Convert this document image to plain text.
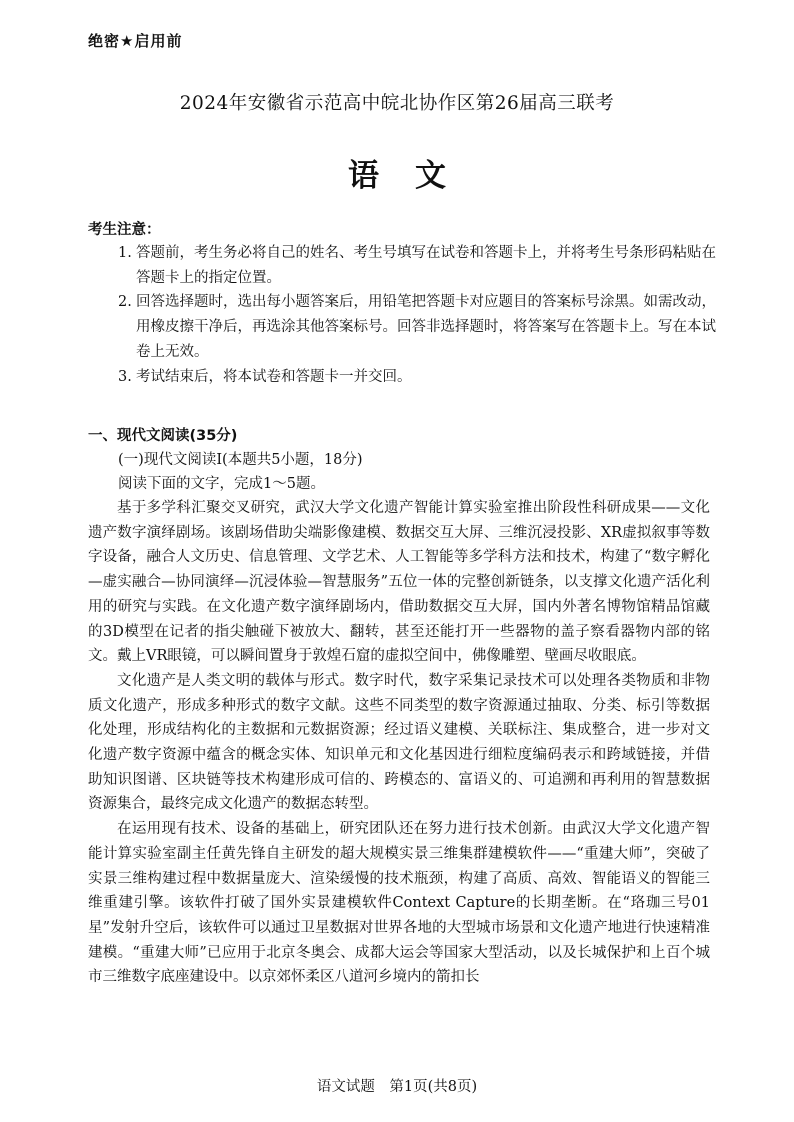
绝密★启用前
2024年安徽省示范高中皖北协作区第26届高三联考
语文
考生注意：
1. 答题前，考生务必将自己的姓名、考生号填写在试卷和答题卡上，并将考生号条形码粘贴在答题卡上的指定位置。
2. 回答选择题时，选出每小题答案后，用铅笔把答题卡对应题目的答案标号涂黑。如需改动，用橡皮擦干净后，再选涂其他答案标号。回答非选择题时，将答案写在答题卡上。写在本试卷上无效。
3. 考试结束后，将本试卷和答题卡一并交回。
一、现代文阅读(35分)
(一)现代文阅读Ⅰ(本题共5小题，18分)
阅读下面的文字，完成1～5题。

基于多学科汇聚交叉研究，武汉大学文化遗产智能计算实验室推出阶段性科研成果——文化遗产数字演绎剧场。该剧场借助尖端影像建模、数据交互大屏、三维沉浸投影、XR虚拟叙事等数字设备，融合人文历史、信息管理、文学艺术、人工智能等多学科方法和技术，构建了“数字孵化—虚实融合—协同演绎—沉浸体验—智慧服务”五位一体的完整创新链条，以支撑文化遗产活化利用的研究与实践。在文化遗产数字演绎剧场内，借助数据交互大屏，国内外著名博物馆精品馆藏的3D模型在记者的指尖触碰下被放大、翻转，甚至还能打开一些器物的盖子察看器物内部的铭文。戴上VR眼镜，可以瞬间置身于敦煌石窟的虚拟空间中，佛像雕塑、壁画尽收眼底。

文化遗产是人类文明的载体与形式。数字时代，数字采集记录技术可以处理各类物质和非物质文化遗产，形成多种形式的数字文献。这些不同类型的数字资源通过抽取、分类、标引等数据化处理，形成结构化的主数据和元数据资源；经过语义建模、关联标注、集成整合，进一步对文化遗产数字资源中蕴含的概念实体、知识单元和文化基因进行细粒度编码表示和跨域链接，并借助知识图谱、区块链等技术构建形成可信的、跨模态的、富语义的、可追溯和再利用的智慧数据资源集合，最终完成文化遗产的数据态转型。

在运用现有技术、设备的基础上，研究团队还在努力进行技术创新。由武汉大学文化遗产智能计算实验室副主任黄先锋自主研发的超大规模实景三维集群建模软件——“重建大师”，突破了实景三维构建过程中数据量庞大、渲染缓慢的技术瓶颈，构建了高质、高效、智能语义的智能三维重建引擎。该软件打破了国外实景建模软件Context Capture的长期垄断。在“珞珈三号01星”发射升空后，该软件可以通过卫星数据对世界各地的大型城市场景和文化遗产地进行快速精准建模。“重建大师”已应用于北京冬奥会、成都大运会等国家大型活动，以及长城保护和上百个城市三维数字底座建设中。以京郊怀柔区八道河乡境内的箭扣长

语文试题　第1页(共8页)
